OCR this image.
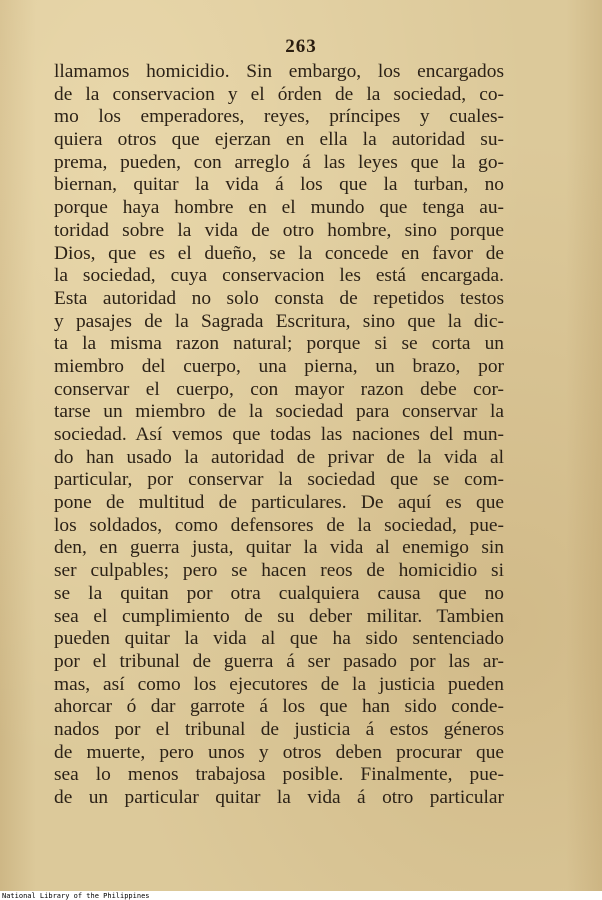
263
llamamos homicidio. Sin embargo, los encargados
de la conservacion y el órden de la sociedad, co-
mo los emperadores, reyes, príncipes y cuales-
quiera otros que ejerzan en ella la autoridad su-
prema, pueden, con arreglo á las leyes que la go-
biernan, quitar la vida á los que la turban, no
porque haya hombre en el mundo que tenga au-
toridad sobre la vida de otro hombre, sino porque
Dios, que es el dueño, se la concede en favor de
la sociedad, cuya conservacion les está encargada.
Esta autoridad no solo consta de repetidos testos
y pasajes de la Sagrada Escritura, sino que la dic-
ta la misma razon natural; porque si se corta un
miembro del cuerpo, una pierna, un brazo, por
conservar el cuerpo, con mayor razon debe cor-
tarse un miembro de la sociedad para conservar la
sociedad. Así vemos que todas las naciones del mun-
do han usado la autoridad de privar de la vida al
particular, por conservar la sociedad que se com-
pone de multitud de particulares. De aquí es que
los soldados, como defensores de la sociedad, pue-
den, en guerra justa, quitar la vida al enemigo sin
ser culpables; pero se hacen reos de homicidio si
se la quitan por otra cualquiera causa que no
sea el cumplimiento de su deber militar. Tambien
pueden quitar la vida al que ha sido sentenciado
por el tribunal de guerra á ser pasado por las ar-
mas, así como los ejecutores de la justicia pueden
ahorcar ó dar garrote á los que han sido conde-
nados por el tribunal de justicia á estos géneros
de muerte, pero unos y otros deben procurar que
sea lo menos trabajosa posible. Finalmente, pue-
de un particular quitar la vida á otro particular
National Library of the Philippines
